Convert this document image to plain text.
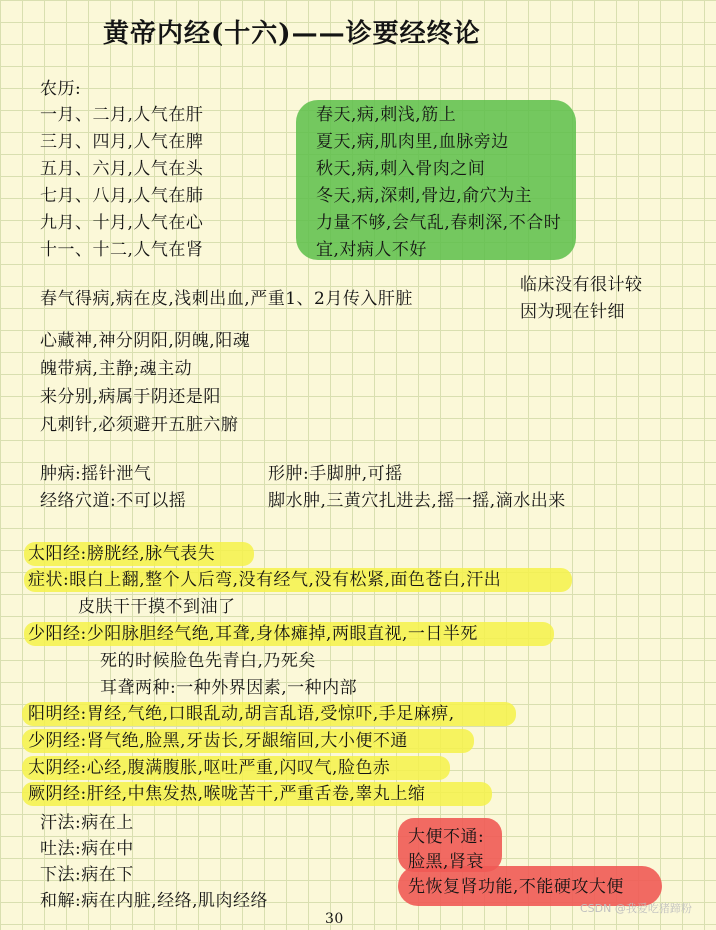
黄帝内经(十六)——诊要经终论
农历:
一月、二月,人气在肝
三月、四月,人气在脾
五月、六月,人气在头
七月、八月,人气在肺
九月、十月,人气在心
十一、十二,人气在肾
春天,病,刺浅,筋上
夏天,病,肌肉里,血脉旁边
秋天,病,刺入骨肉之间
冬天,病,深刺,骨边,俞穴为主
力量不够,会气乱,春刺深,不合时
宜,对病人不好
春气得病,病在皮,浅刺出血,严重1、2月传入肝脏
临床没有很计较
因为现在针细
心藏神,神分阴阳,阴魄,阳魂
魄带病,主静;魂主动
来分别,病属于阴还是阳
凡刺针,必须避开五脏六腑
肿病:摇针泄气
经络穴道:不可以摇
形肿:手脚肿,可摇
脚水肿,三黄穴扎进去,摇一摇,滴水出来
太阳经:膀胱经,脉气表失
症状:眼白上翻,整个人后弯,没有经气,没有松紧,面色苍白,汗出
皮肤干干摸不到油了
少阳经:少阳脉胆经气绝,耳聋,身体瘫掉,两眼直视,一日半死
死的时候脸色先青白,乃死矣
耳聋两种:一种外界因素,一种内部
阳明经:胃经,气绝,口眼乱动,胡言乱语,受惊吓,手足麻痹,
少阴经:肾气绝,脸黑,牙齿长,牙龈缩回,大小便不通
太阴经:心经,腹满腹胀,呕吐严重,闪叹气,脸色赤
厥阴经:肝经,中焦发热,喉咙苦干,严重舌卷,睾丸上缩
汗法:病在上
吐法:病在中
下法:病在下
和解:病在内脏,经络,肌肉经络
大便不通:
脸黑,肾衰
先恢复肾功能,不能硬攻大便
30
CSDN @我爱吃猪蹄粉
